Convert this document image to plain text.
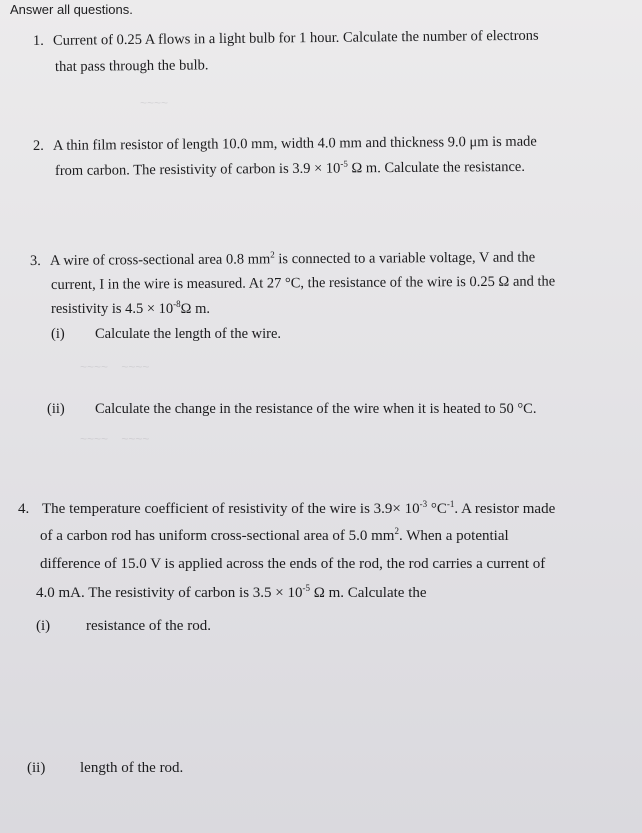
Answer all questions.
1. Current of 0.25 A flows in a light bulb for 1 hour. Calculate the number of electrons
that pass through the bulb.
2. A thin film resistor of length 10.0 mm, width 4.0 mm and thickness 9.0 μm is made
from carbon. The resistivity of carbon is $3.9 \times 10^{-5}$ Ω m. Calculate the resistance.
3. A wire of cross-sectional area 0.8 $mm^2$ is connected to a variable voltage, V and the
current, I in the wire is measured. At 27 °C, the resistance of the wire is 0.25 Ω and the
resistivity is $4.5 \times 10^{-8}\Omega$ m.
(i) Calculate the length of the wire.
(ii) Calculate the change in the resistance of the wire when it is heated to 50 °C.
4. The temperature coefficient of resistivity of the wire is $3.9\times 10^{-3}$ $^\circ C^{-1}$. A resistor made
of a carbon rod has uniform cross-sectional area of 5.0 $mm^2$. When a potential
difference of 15.0 V is applied across the ends of the rod, the rod carries a current of
4.0 mA. The resistivity of carbon is $3.5 \times 10^{-5}$ Ω m. Calculate the
(i) resistance of the rod.
(ii) length of the rod.
~~~~
~~~~    ~~~~
~~~~    ~~~~
